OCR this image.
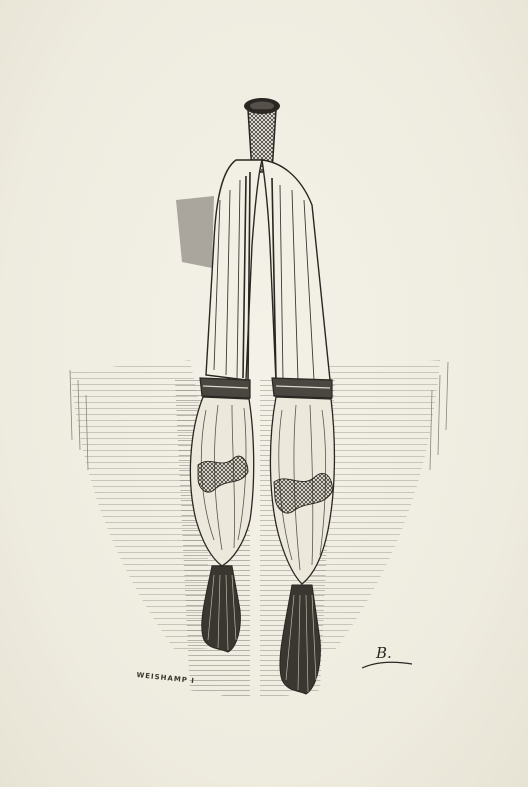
WEISHAMP I
B.
